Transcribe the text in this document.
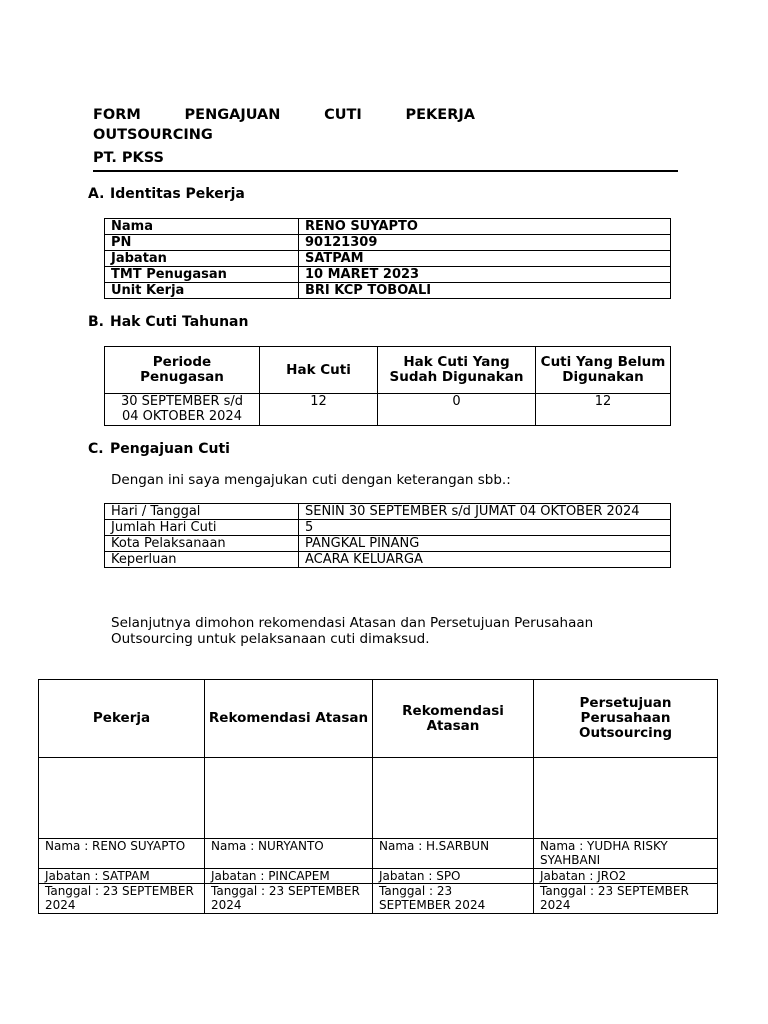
FORM	PENGAJUAN	CUTI	PEKERJA
OUTSOURCING
PT. PKSS
A. Identitas Pekerja
Nama	RENO SUYAPTO
PN	90121309
Jabatan	SATPAM
TMT Penugasan	10 MARET 2023
Unit Kerja	BRI KCP TOBOALI
B. Hak Cuti Tahunan
Periode Penugasan	Hak Cuti	Hak Cuti Yang Sudah Digunakan	Cuti Yang Belum Digunakan
30 SEPTEMBER s/d 04 OKTOBER 2024	12	0	12
C. Pengajuan Cuti
Dengan ini saya mengajukan cuti dengan keterangan sbb.:
Hari / Tanggal	SENIN 30 SEPTEMBER s/d JUMAT 04 OKTOBER 2024
Jumlah Hari Cuti	5
Kota Pelaksanaan	PANGKAL PINANG
Keperluan	ACARA KELUARGA
Selanjutnya dimohon rekomendasi Atasan dan Persetujuan Perusahaan Outsourcing untuk pelaksanaan cuti dimaksud.
Pekerja	Rekomendasi Atasan	Rekomendasi Atasan	Persetujuan Perusahaan Outsourcing

Nama : RENO SUYAPTO	Nama : NURYANTO	Nama : H.SARBUN	Nama : YUDHA RISKY SYAHBANI
Jabatan : SATPAM	Jabatan : PINCAPEM	Jabatan : SPO	Jabatan : JRO2
Tanggal : 23 SEPTEMBER 2024	Tanggal : 23 SEPTEMBER 2024	Tanggal : 23 SEPTEMBER 2024	Tanggal : 23 SEPTEMBER 2024
